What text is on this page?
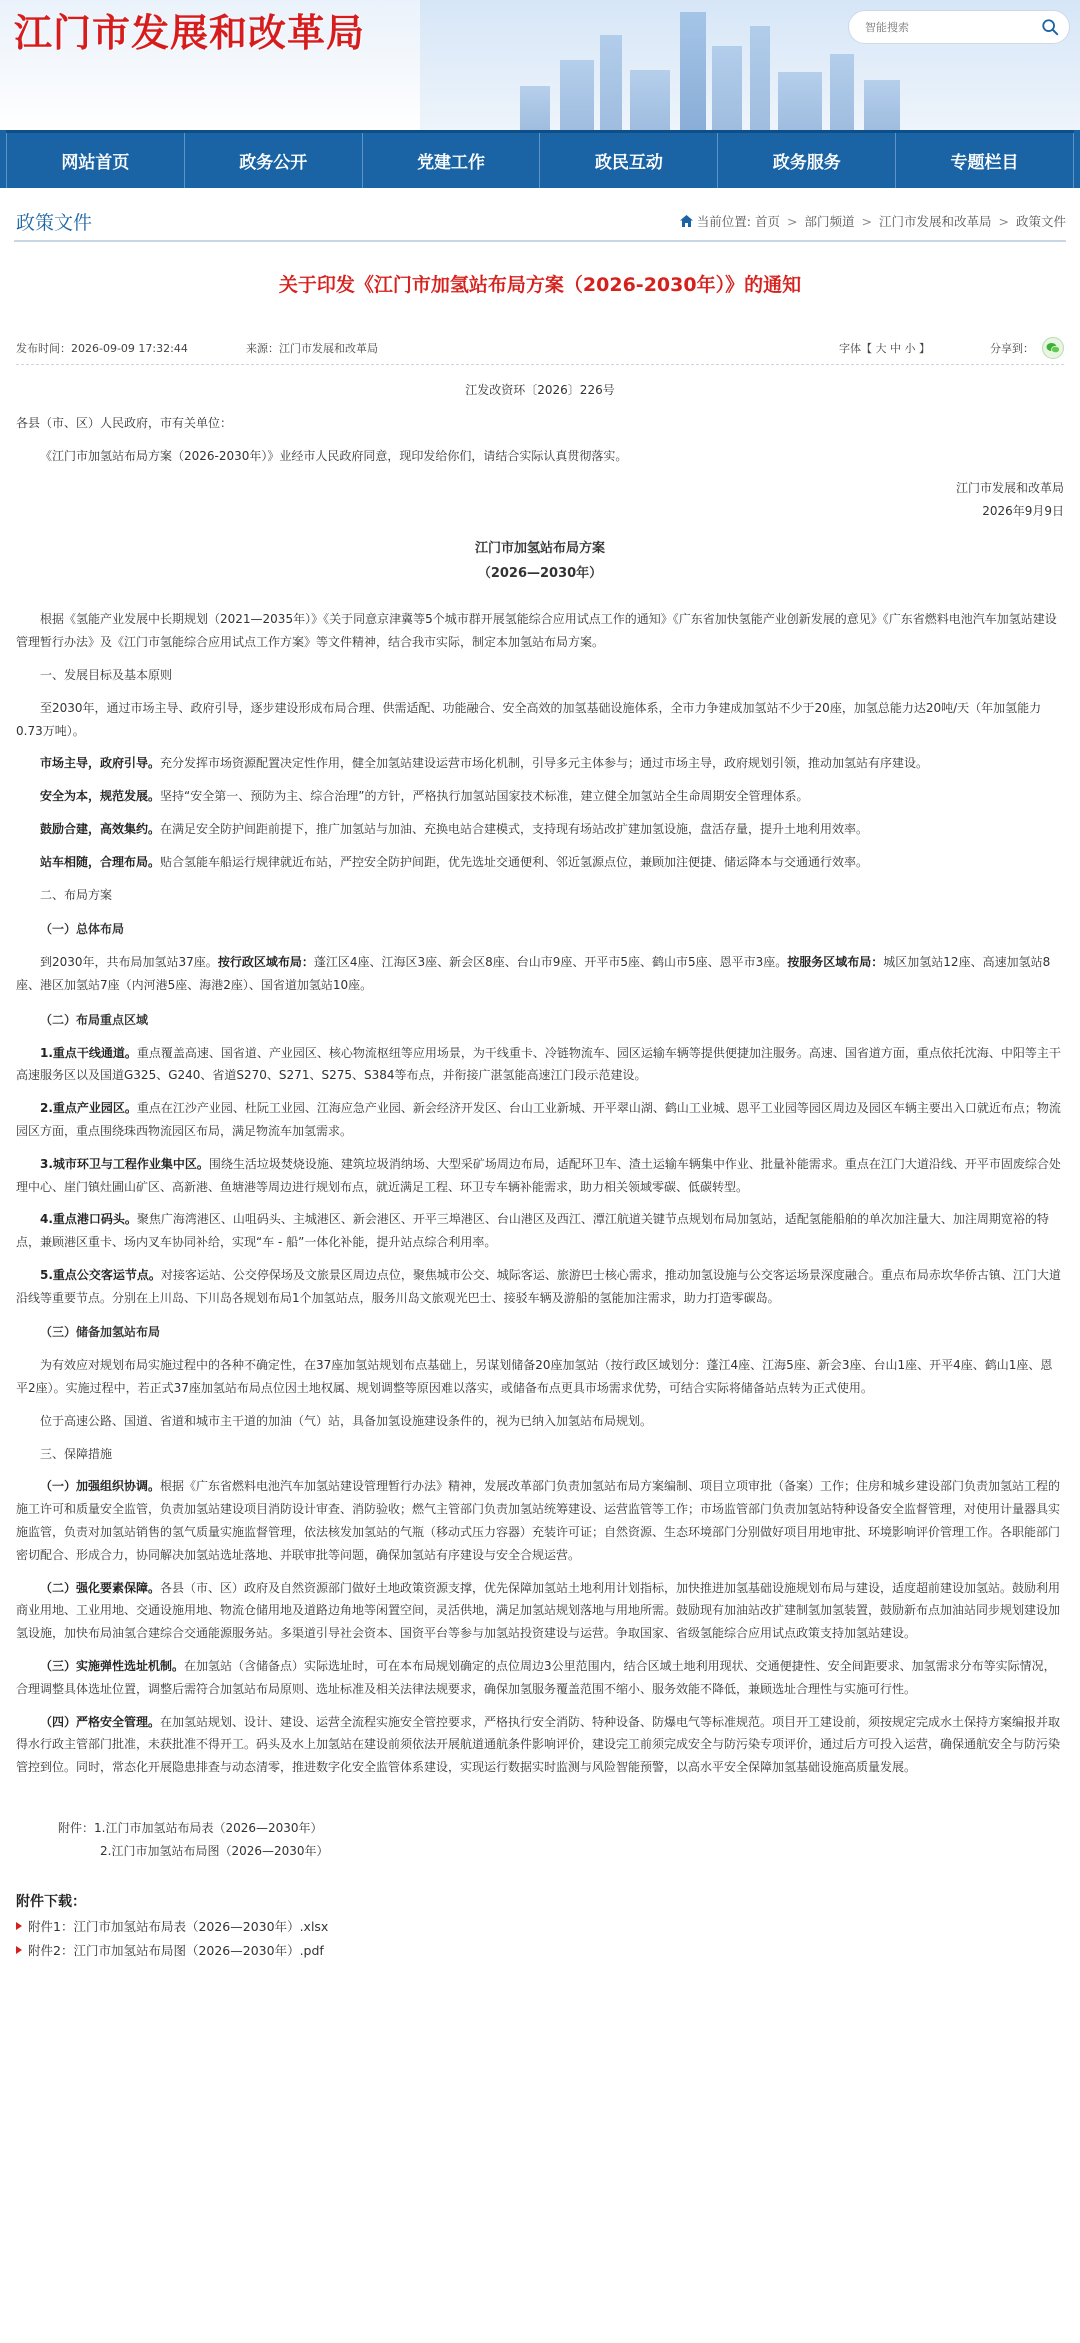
江门市发展和改革局
智能搜索
网站首页	政务公开	党建工作	政民互动	政务服务	专题栏目
政策文件	当前位置: 首页 > 部门频道 > 江门市发展和改革局 > 政策文件
关于印发《江门市加氢站布局方案（2026-2030年）》的通知
发布时间：2026-09-09 17:32:44	来源：江门市发展和改革局	字体【 大 中 小 】	分享到：
江发改资环〔2026〕226号
各县（市、区）人民政府，市有关单位：
《江门市加氢站布局方案（2026-2030年）》业经市人民政府同意，现印发给你们，请结合实际认真贯彻落实。
江门市发展和改革局
2026年9月9日
江门市加氢站布局方案
（2026—2030年）
根据《氢能产业发展中长期规划（2021—2035年）》《关于同意京津冀等5个城市群开展氢能综合应用试点工作的通知》《广东省加快氢能产业创新发展的意见》《广东省燃料电池汽车加氢站建设管理暂行办法》及《江门市氢能综合应用试点工作方案》等文件精神，结合我市实际，制定本加氢站布局方案。
一、发展目标及基本原则
至2030年，通过市场主导、政府引导，逐步建设形成布局合理、供需适配、功能融合、安全高效的加氢基础设施体系，全市力争建成加氢站不少于20座，加氢总能力达20吨/天（年加氢能力0.73万吨）。
市场主导，政府引导。充分发挥市场资源配置决定性作用，健全加氢站建设运营市场化机制，引导多元主体参与；通过市场主导，政府规划引领，推动加氢站有序建设。
安全为本，规范发展。坚持“安全第一、预防为主、综合治理”的方针，严格执行加氢站国家技术标准，建立健全加氢站全生命周期安全管理体系。
鼓励合建，高效集约。在满足安全防护间距前提下，推广加氢站与加油、充换电站合建模式，支持现有场站改扩建加氢设施，盘活存量，提升土地利用效率。
站车相随，合理布局。贴合氢能车船运行规律就近布站，严控安全防护间距，优先选址交通便利、邻近氢源点位，兼顾加注便捷、储运降本与交通通行效率。
二、布局方案
（一）总体布局
到2030年，共布局加氢站37座。按行政区域布局：蓬江区4座、江海区3座、新会区8座、台山市9座、开平市5座、鹤山市5座、恩平市3座。按服务区域布局：城区加氢站12座、高速加氢站8座、港区加氢站7座（内河港5座、海港2座）、国省道加氢站10座。
（二）布局重点区域
1.重点干线通道。重点覆盖高速、国省道、产业园区、核心物流枢纽等应用场景，为干线重卡、冷链物流车、园区运输车辆等提供便捷加注服务。高速、国省道方面，重点依托沈海、中阳等主干高速服务区以及国道G325、G240、省道S270、S271、S275、S384等布点，并衔接广湛氢能高速江门段示范建设。
2.重点产业园区。重点在江沙产业园、杜阮工业园、江海应急产业园、新会经济开发区、台山工业新城、开平翠山湖、鹤山工业城、恩平工业园等园区周边及园区车辆主要出入口就近布点；物流园区方面，重点围绕珠西物流园区布局，满足物流车加氢需求。
3.城市环卫与工程作业集中区。围绕生活垃圾焚烧设施、建筑垃圾消纳场、大型采矿场周边布局，适配环卫车、渣土运输车辆集中作业、批量补能需求。重点在江门大道沿线、开平市固废综合处理中心、崖门镇灶圃山矿区、高新港、鱼塘港等周边进行规划布点，就近满足工程、环卫专车辆补能需求，助力相关领域零碳、低碳转型。
4.重点港口码头。聚焦广海湾港区、山咀码头、主城港区、新会港区、开平三埠港区、台山港区及西江、潭江航道关键节点规划布局加氢站，适配氢能船舶的单次加注量大、加注周期宽裕的特点，兼顾港区重卡、场内叉车协同补给，实现“车 - 船”一体化补能，提升站点综合利用率。
5.重点公交客运节点。对接客运站、公交停保场及文旅景区周边点位，聚焦城市公交、城际客运、旅游巴士核心需求，推动加氢设施与公交客运场景深度融合。重点布局赤坎华侨古镇、江门大道沿线等重要节点。分别在上川岛、下川岛各规划布局1个加氢站点，服务川岛文旅观光巴士、接驳车辆及游船的氢能加注需求，助力打造零碳岛。
（三）储备加氢站布局
为有效应对规划布局实施过程中的各种不确定性，在37座加氢站规划布点基础上，另谋划储备20座加氢站（按行政区域划分：蓬江4座、江海5座、新会3座、台山1座、开平4座、鹤山1座、恩平2座）。实施过程中，若正式37座加氢站布局点位因土地权属、规划调整等原因难以落实，或储备布点更具市场需求优势，可结合实际将储备站点转为正式使用。
位于高速公路、国道、省道和城市主干道的加油（气）站，具备加氢设施建设条件的，视为已纳入加氢站布局规划。
三、保障措施
（一）加强组织协调。根据《广东省燃料电池汽车加氢站建设管理暂行办法》精神，发展改革部门负责加氢站布局方案编制、项目立项审批（备案）工作；住房和城乡建设部门负责加氢站工程的施工许可和质量安全监管，负责加氢站建设项目消防设计审查、消防验收；燃气主管部门负责加氢站统筹建设、运营监管等工作；市场监管部门负责加氢站特种设备安全监督管理，对使用计量器具实施监管，负责对加氢站销售的氢气质量实施监督管理，依法核发加氢站的气瓶（移动式压力容器）充装许可证；自然资源、生态环境部门分别做好项目用地审批、环境影响评价管理工作。各职能部门密切配合、形成合力，协同解决加氢站选址落地、并联审批等问题，确保加氢站有序建设与安全合规运营。
（二）强化要素保障。各县（市、区）政府及自然资源部门做好土地政策资源支撑，优先保障加氢站土地利用计划指标，加快推进加氢基础设施规划布局与建设，适度超前建设加氢站。鼓励利用商业用地、工业用地、交通设施用地、物流仓储用地及道路边角地等闲置空间，灵活供地，满足加氢站规划落地与用地所需。鼓励现有加油站改扩建制氢加氢装置，鼓励新布点加油站同步规划建设加氢设施，加快布局油氢合建综合交通能源服务站。多渠道引导社会资本、国资平台等参与加氢站投资建设与运营。争取国家、省级氢能综合应用试点政策支持加氢站建设。
（三）实施弹性选址机制。在加氢站（含储备点）实际选址时，可在本布局规划确定的点位周边3公里范围内，结合区域土地利用现状、交通便捷性、安全间距要求、加氢需求分布等实际情况，合理调整具体选址位置，调整后需符合加氢站布局原则、选址标准及相关法律法规要求，确保加氢服务覆盖范围不缩小、服务效能不降低，兼顾选址合理性与实施可行性。
（四）严格安全管理。在加氢站规划、设计、建设、运营全流程实施安全管控要求，严格执行安全消防、特种设备、防爆电气等标准规范。项目开工建设前，须按规定完成水土保持方案编报并取得水行政主管部门批准，未获批准不得开工。码头及水上加氢站在建设前须依法开展航道通航条件影响评价，建设完工前须完成安全与防污染专项评价，通过后方可投入运营，确保通航安全与防污染管控到位。同时，常态化开展隐患排查与动态清零，推进数字化安全监管体系建设，实现运行数据实时监测与风险智能预警，以高水平安全保障加氢基础设施高质量发展。
附件：1.江门市加氢站布局表（2026—2030年）
2.江门市加氢站布局图（2026—2030年）
附件下载：
附件1：江门市加氢站布局表（2026—2030年）.xlsx
附件2：江门市加氢站布局图（2026—2030年）.pdf
